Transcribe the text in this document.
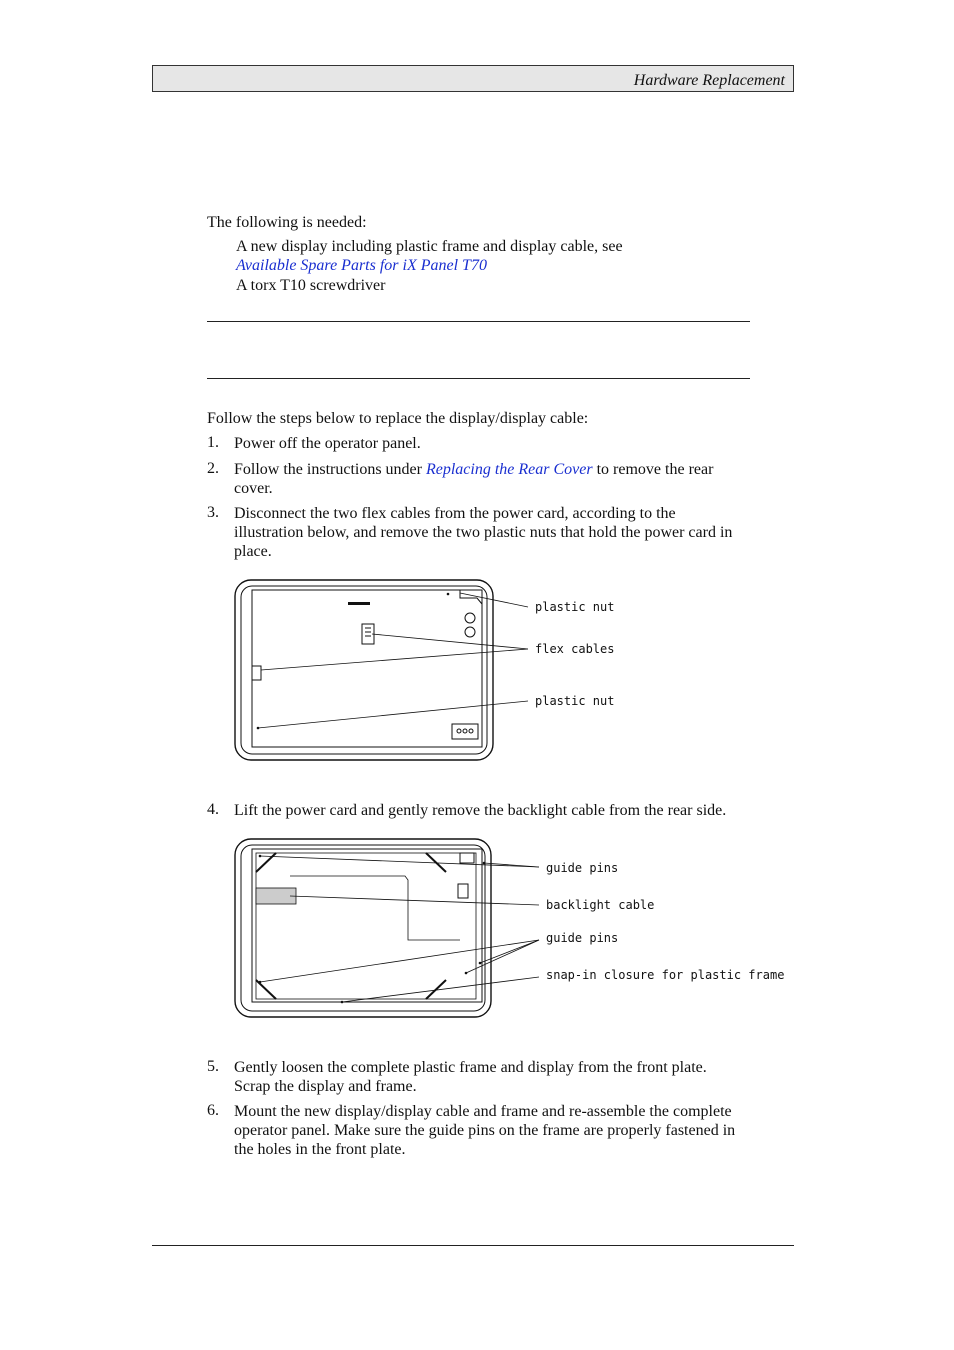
Hardware Replacement
The following is needed:
A new display including plastic frame and display cable, see
Available Spare Parts for iX Panel T70
A torx T10 screwdriver
Follow the steps below to replace the display/display cable:
1. Power off the operator panel.
2. Follow the instructions under Replacing the Rear Cover to remove the rear cover.
3. Disconnect the two flex cables from the power card, according to the illustration below, and remove the two plastic nuts that hold the power card in place.
plastic nut
flex cables
plastic nut
4. Lift the power card and gently remove the backlight cable from the rear side.
guide pins
backlight cable
guide pins
snap-in closure for plastic frame
5. Gently loosen the complete plastic frame and display from the front plate. Scrap the display and frame.
6. Mount the new display/display cable and frame and re-assemble the complete operator panel. Make sure the guide pins on the frame are properly fastened in the holes in the front plate.
